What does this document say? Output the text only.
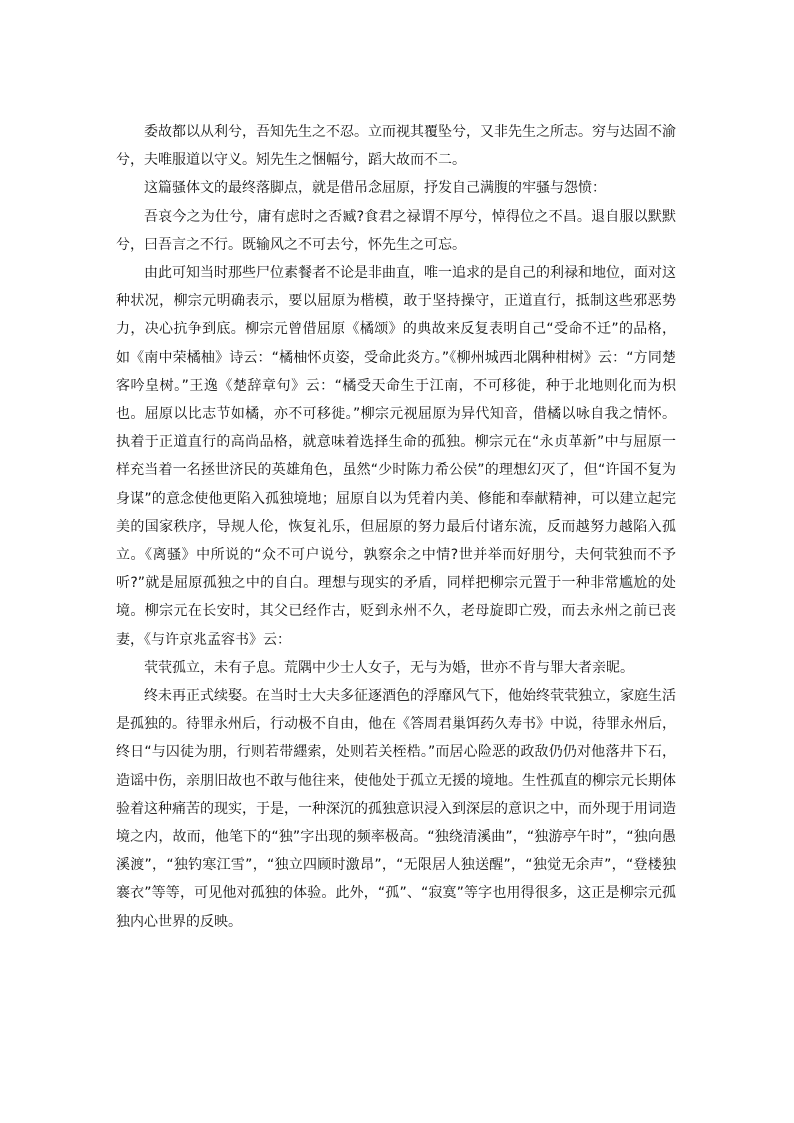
委故都以从利兮，吾知先生之不忍。立而视其覆坠兮，又非先生之所志。穷与达固不渝兮，夫唯服道以守义。矧先生之悃幅兮，蹈大故而不二。

这篇骚体文的最终落脚点，就是借吊念屈原，抒发自己满腹的牢骚与怨愤：

吾哀今之为仕兮，庸有虑时之否臧?食君之禄谓不厚兮，悼得位之不昌。退自服以默默兮，曰吾言之不行。既输风之不可去兮，怀先生之可忘。

由此可知当时那些尸位素餐者不论是非曲直，唯一追求的是自己的利禄和地位，面对这种状况，柳宗元明确表示，要以屈原为楷模，敢于坚持操守，正道直行，抵制这些邪恶势力，决心抗争到底。柳宗元曾借屈原《橘颂》的典故来反复表明自己“受命不迁”的品格，如《南中荣橘柚》诗云：“橘柚怀贞姿，受命此炎方。”《柳州城西北隅种柑树》云：“方同楚客吟皇树。”王逸《楚辞章句》云：“橘受天命生于江南，不可移徙，种于北地则化而为枳也。屈原以比志节如橘，亦不可移徙。”柳宗元视屈原为异代知音，借橘以咏自我之情怀。执着于正道直行的高尚品格，就意味着选择生命的孤独。柳宗元在“永贞革新”中与屈原一样充当着一名拯世济民的英雄角色，虽然“少时陈力希公侯”的理想幻灭了，但“许国不复为身谋”的意念使他更陷入孤独境地；屈原自以为凭着内美、修能和奉献精神，可以建立起完美的国家秩序，导规人伦，恢复礼乐，但屈原的努力最后付诸东流，反而越努力越陷入孤立。《离骚》中所说的“众不可户说兮，孰察余之中情?世并举而好朋兮，夫何茕独而不予听?”就是屈原孤独之中的自白。理想与现实的矛盾，同样把柳宗元置于一种非常尴尬的处境。柳宗元在长安时，其父已经作古，贬到永州不久，老母旋即亡殁，而去永州之前已丧妻，《与许京兆孟容书》云：

茕茕孤立，未有子息。荒隅中少士人女子，无与为婚，世亦不肯与罪大者亲昵。

终未再正式续娶。在当时士大夫多征逐酒色的浮靡风气下，他始终茕茕独立，家庭生活是孤独的。待罪永州后，行动极不自由，他在《答周君巢饵药久寿书》中说，待罪永州后，终日“与囚徒为朋，行则若带纆索，处则若关桎梏。”而居心险恶的政敌仍仍对他落井下石，造谣中伤，亲朋旧故也不敢与他往来，使他处于孤立无援的境地。生性孤直的柳宗元长期体验着这种痛苦的现实，于是，一种深沉的孤独意识浸入到深层的意识之中，而外现于用词造境之内，故而，他笔下的“独”字出现的频率极高。“独绕清溪曲”，“独游亭午时”，“独向愚溪渡”，“独钓寒江雪”，“独立四顾时激昂”，“无限居人独送醒”，“独觉无余声”，“登楼独褰衣”等等，可见他对孤独的体验。此外，“孤”、“寂寞”等字也用得很多，这正是柳宗元孤独内心世界的反映。
